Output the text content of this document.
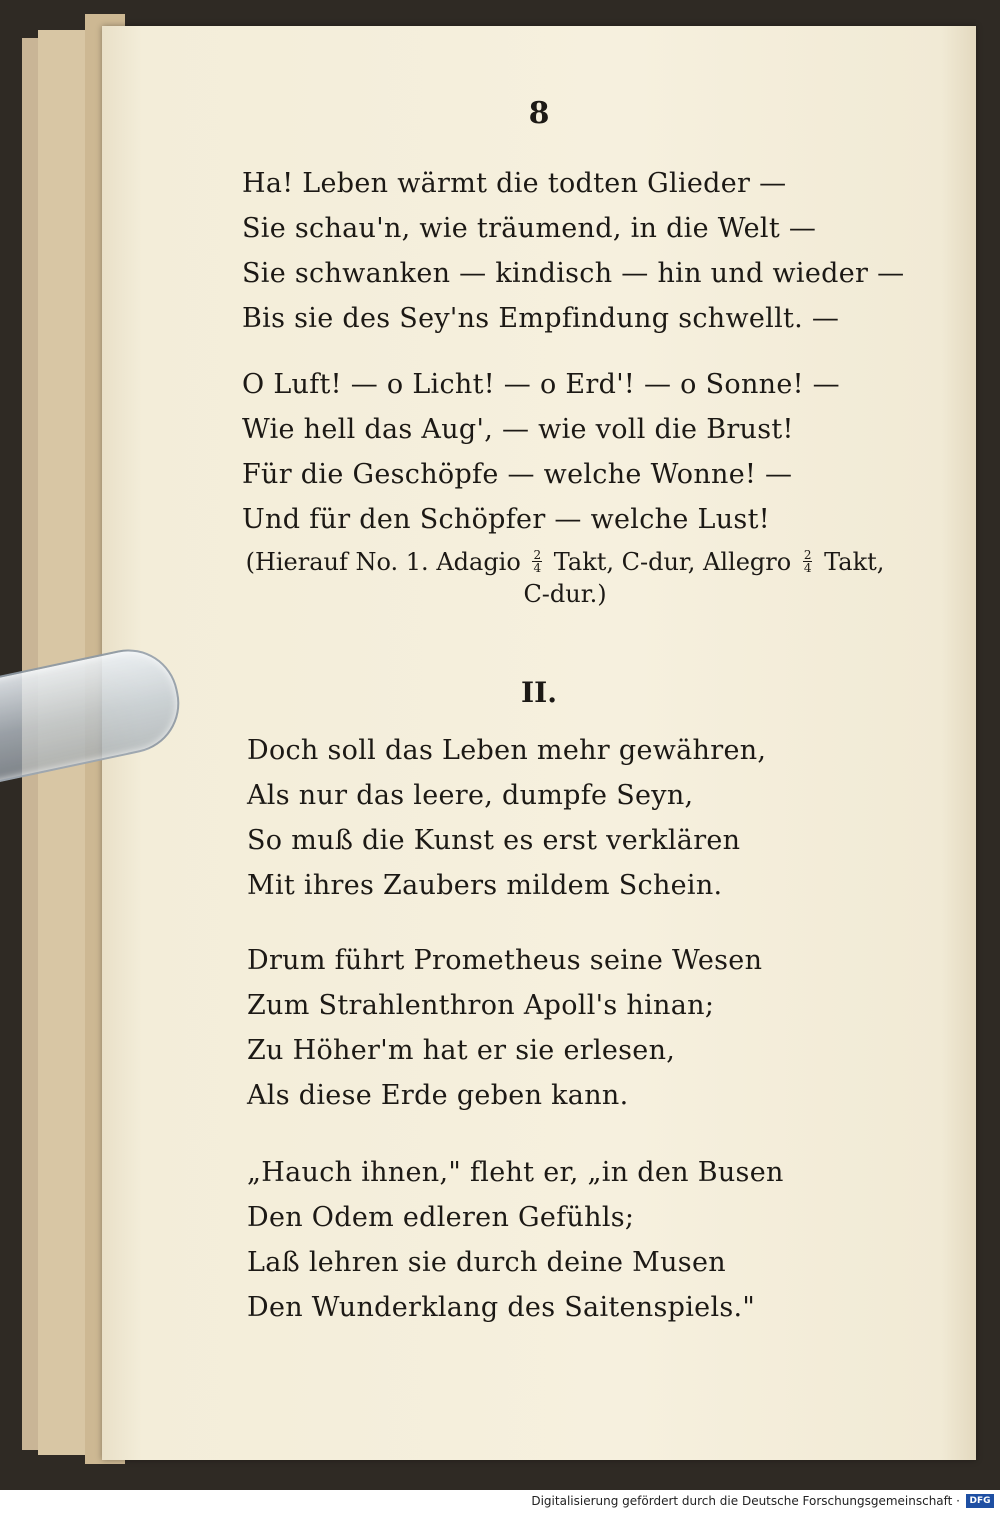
8
Ha! Leben wärmt die todten Glieder —
Sie schau'n, wie träumend, in die Welt —
Sie schwanken — kindisch — hin und wieder —
Bis sie des Sey'ns Empfindung schwellt. —
O Luft! — o Licht! — o Erd'! — o Sonne! —
Wie hell das Aug', — wie voll die Brust!
Für die Geschöpfe — welche Wonne! —
Und für den Schöpfer — welche Lust!
(Hierauf No. 1. Adagio $\frac{2}{4}$ Takt, C-dur, Allegro $\frac{2}{4}$ Takt,
C-dur.)
II.
Doch soll das Leben mehr gewähren,
Als nur das leere, dumpfe Seyn,
So muß die Kunst es erst verklären
Mit ihres Zaubers mildem Schein.
Drum führt Prometheus seine Wesen
Zum Strahlenthron Apoll's hinan;
Zu Höher'm hat er sie erlesen,
Als diese Erde geben kann.
„Hauch ihnen," fleht er, „in den Busen
Den Odem edleren Gefühls;
Laß lehren sie durch deine Musen
Den Wunderklang des Saitenspiels."
Digitalisierung gefördert durch die Deutsche Forschungsgemeinschaft ·	DFG
